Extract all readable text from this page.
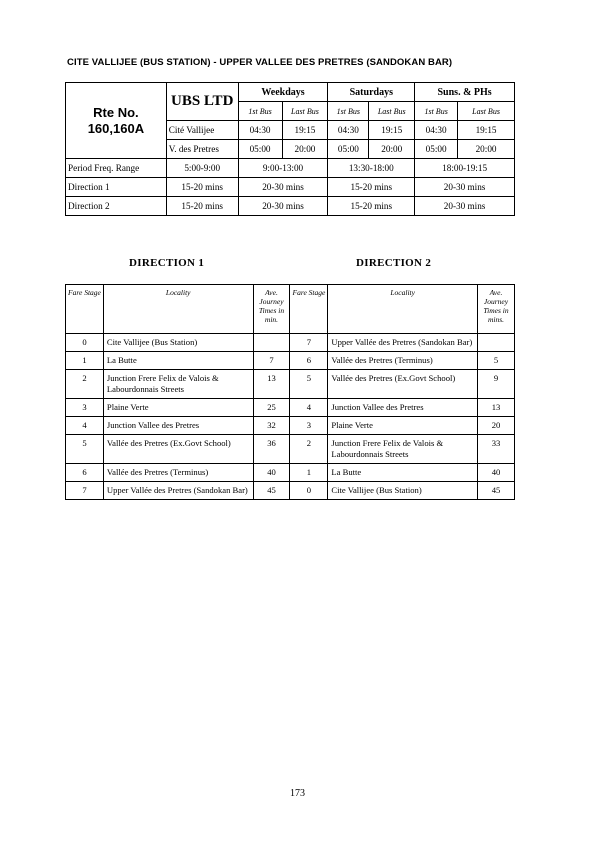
CITE VALLIJEE (BUS STATION) - UPPER VALLEE DES PRETRES (SANDOKAN BAR)
Rte No.
160,160A	UBS LTD	Weekdays		Saturdays		Suns. & PHs	
		1st Bus	Last Bus	1st Bus	Last Bus	1st Bus	Last Bus
	Cité Vallijee	04:30	19:15	04:30	19:15	04:30	19:15
	V. des Pretres	05:00	20:00	05:00	20:00	05:00	20:00
Period Freq. Range	5:00-9:00	9:00-13:00		13:30-18:00		18:00-19:15	
Direction 1	15-20 mins	20-30 mins		15-20 mins		20-30 mins	
Direction 2	15-20 mins	20-30 mins		15-20 mins		20-30 mins	
DIRECTION 1	DIRECTION 2
Fare Stage	Locality	Ave. Journey Times in min.	Fare Stage	Locality	Ave. Journey Times in mins.
0	Cite Vallijee (Bus Station)		7	Upper Vallée des Pretres (Sandokan Bar)	
1	La Butte	7	6	Vallée des Pretres (Terminus)	5
2	Junction Frere Felix de Valois & Labourdonnais Streets	13	5	Vallée des Pretres (Ex.Govt School)	9
3	Plaine Verte	25	4	Junction Vallee des Pretres	13
4	Junction Vallee des Pretres	32	3	Plaine Verte	20
5	Vallée des Pretres (Ex.Govt School)	36	2	Junction Frere Felix de Valois & Labourdonnais Streets	33
6	Vallée des Pretres (Terminus)	40	1	La Butte	40
7	Upper Vallée des Pretres (Sandokan Bar)	45	0	Cite Vallijee (Bus Station)	45
173
